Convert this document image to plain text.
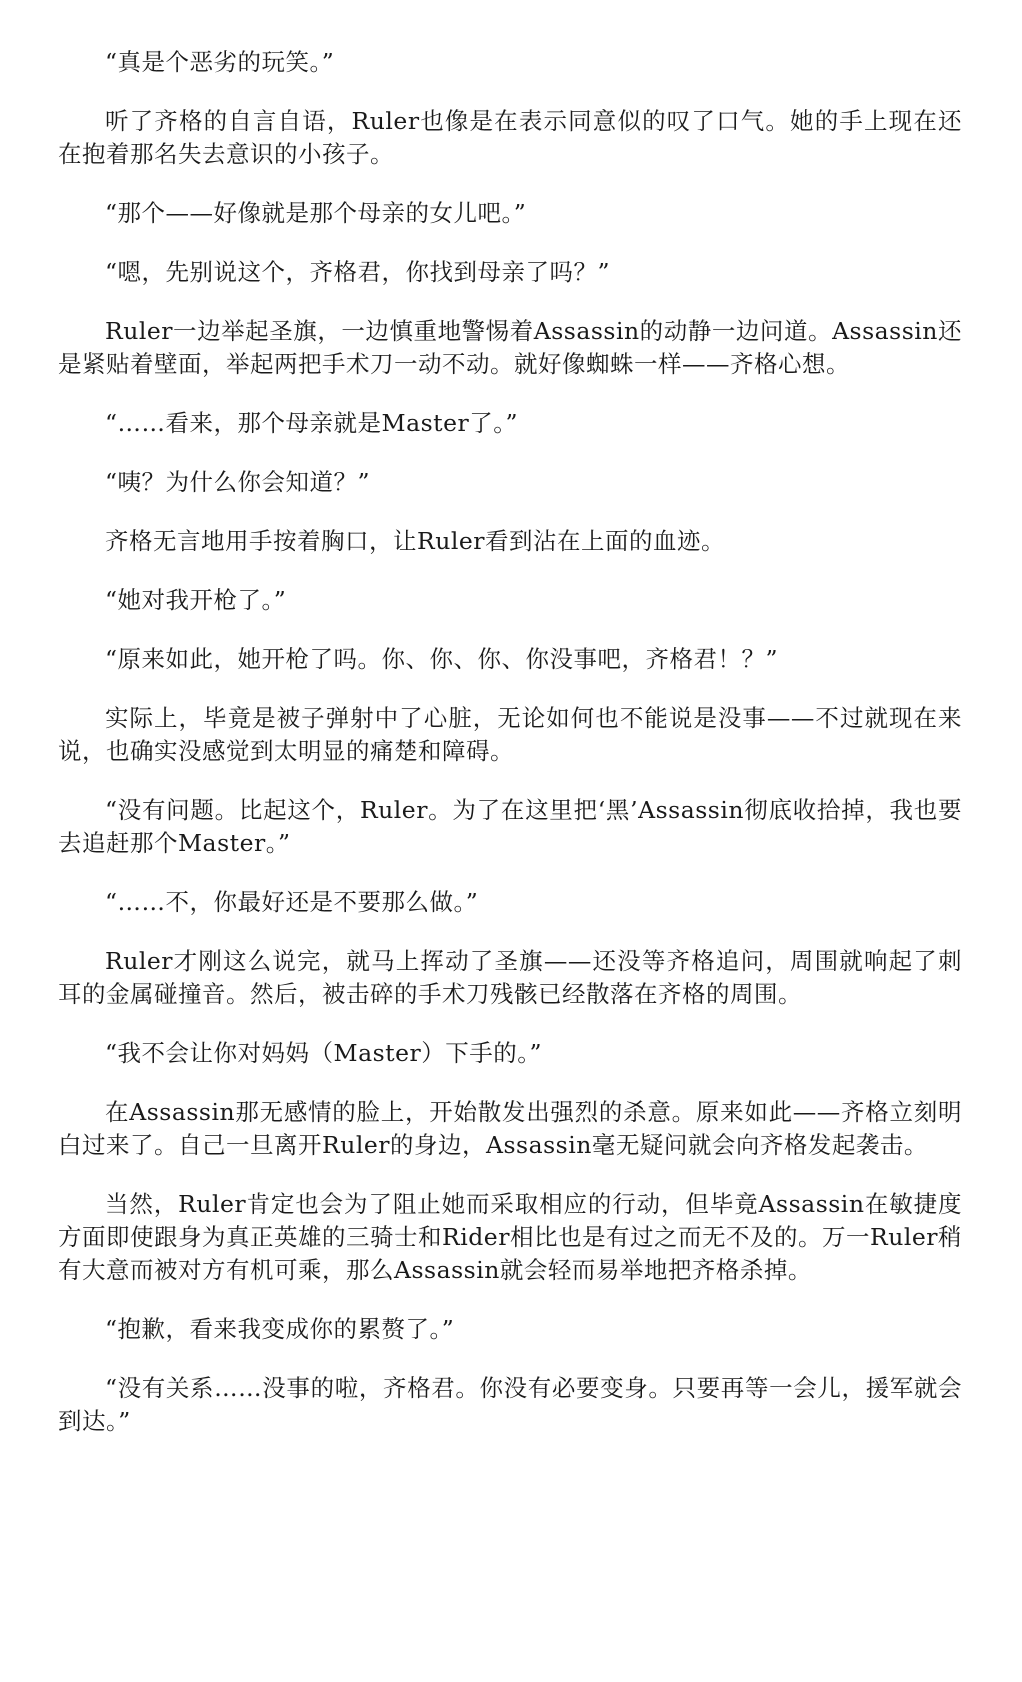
“真是个恶劣的玩笑。”

听了齐格的自言自语，Ruler也像是在表示同意似的叹了口气。她的手上现在还在抱着那名失去意识的小孩子。

“那个——好像就是那个母亲的女儿吧。”

“嗯，先别说这个，齐格君，你找到母亲了吗？”

Ruler一边举起圣旗，一边慎重地警惕着Assassin的动静一边问道。Assassin还是紧贴着壁面，举起两把手术刀一动不动。就好像蜘蛛一样——齐格心想。

“……看来，那个母亲就是Master了。”

“咦？为什么你会知道？”

齐格无言地用手按着胸口，让Ruler看到沾在上面的血迹。

“她对我开枪了。”

“原来如此，她开枪了吗。你、你、你、你没事吧，齐格君！？”

实际上，毕竟是被子弹射中了心脏，无论如何也不能说是没事——不过就现在来说，也确实没感觉到太明显的痛楚和障碍。

“没有问题。比起这个，Ruler。为了在这里把‘黑’Assassin彻底收拾掉，我也要去追赶那个Master。”

“……不，你最好还是不要那么做。”

Ruler才刚这么说完，就马上挥动了圣旗——还没等齐格追问，周围就响起了刺耳的金属碰撞音。然后，被击碎的手术刀残骸已经散落在齐格的周围。

“我不会让你对妈妈（Master）下手的。”

在Assassin那无感情的脸上，开始散发出强烈的杀意。原来如此——齐格立刻明白过来了。自己一旦离开Ruler的身边，Assassin毫无疑问就会向齐格发起袭击。

当然，Ruler肯定也会为了阻止她而采取相应的行动，但毕竟Assassin在敏捷度方面即使跟身为真正英雄的三骑士和Rider相比也是有过之而无不及的。万一Ruler稍有大意而被对方有机可乘，那么Assassin就会轻而易举地把齐格杀掉。

“抱歉，看来我变成你的累赘了。”

“没有关系……没事的啦，齐格君。你没有必要变身。只要再等一会儿，援军就会到达。”
